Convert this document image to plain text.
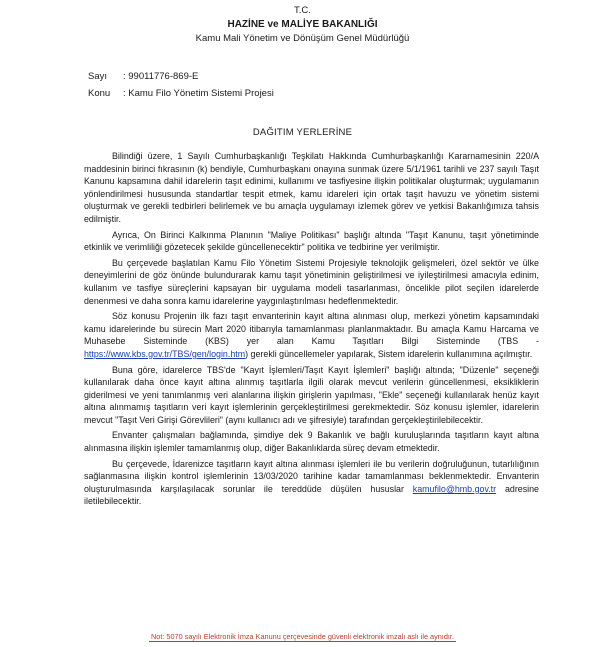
T.C.
HAZİNE ve MALİYE BAKANLIĞI
Kamu Mali Yönetim ve Dönüşüm Genel Müdürlüğü
Sayı	: 99011776-869-E
Konu	: Kamu Filo Yönetim Sistemi Projesi
DAĞITIM YERLERİNE

Bilindiği üzere, 1 Sayılı Cumhurbaşkanlığı Teşkilatı Hakkında Cumhurbaşkanlığı Kararnamesinin 220/A maddesinin birinci fıkrasının (k) bendiyle, Cumhurbaşkanı onayına sunmak üzere 5/1/1961 tarihli ve 237 sayılı Taşıt Kanunu kapsamına dahil idarelerin taşıt edinimi, kullanımı ve tasfiyesine ilişkin politikalar oluşturmak; uygulamanın yönlendirilmesi hususunda standartlar tespit etmek, kamu idareleri için ortak taşıt havuzu ve yönetim sistemi oluşturmak ve gerekli tedbirleri belirlemek ve bu amaçla uygulamayı izlemek görev ve yetkisi Bakanlığımıza tahsis edilmiştir.

Ayrıca, On Birinci Kalkınma Planının "Maliye Politikası" başlığı altında "Taşıt Kanunu, taşıt yönetiminde etkinlik ve verimliliği gözetecek şekilde güncellenecektir" politika ve tedbirine yer verilmiştir.

Bu çerçevede başlatılan Kamu Filo Yönetim Sistemi Projesiyle teknolojik gelişmeleri, özel sektör ve ülke deneyimlerini de göz önünde bulundurarak kamu taşıt yönetiminin geliştirilmesi ve iyileştirilmesi amacıyla edinim, kullanım ve tasfiye süreçlerini kapsayan bir uygulama modeli tasarlanması, öncelikle pilot seçilen idarelerde denenmesi ve daha sonra kamu idarelerine yaygınlaştırılması hedeflenmektedir.

Söz konusu Projenin ilk fazı taşıt envanterinin kayıt altına alınması olup, merkezi yönetim kapsamındaki kamu idarelerinde bu sürecin Mart 2020 itibarıyla tamamlanması planlanmaktadır. Bu amaçla Kamu Harcama ve Muhasebe Sisteminde (KBS) yer alan Kamu Taşıtları Bilgi Sisteminde (TBS - https://www.kbs.gov.tr/TBS/gen/login.htm) gerekli güncellemeler yapılarak, Sistem idarelerin kullanımına açılmıştır.

Buna göre, idarelerce TBS'de "Kayıt İşlemleri/Taşıt Kayıt İşlemleri" başlığı altında; "Düzenle" seçeneği kullanılarak daha önce kayıt altına alınmış taşıtlarla ilgili olarak mevcut verilerin güncellenmesi, eksikliklerin giderilmesi ve yeni tanımlanmış veri alanlarına ilişkin girişlerin yapılması, "Ekle" seçeneği kullanılarak henüz kayıt altına alınmamış taşıtların veri kayıt işlemlerinin gerçekleştirilmesi gerekmektedir. Söz konusu işlemler, idarelerin mevcut "Taşıt Veri Girişi Görevlileri" (aynı kullanıcı adı ve şifresiyle) tarafından gerçekleştirilebilecektir.

Envanter çalışmaları bağlamında, şimdiye dek 9 Bakanlık ve bağlı kuruluşlarında taşıtların kayıt altına alınmasına ilişkin işlemler tamamlanmış olup, diğer Bakanlıklarda süreç devam etmektedir.

Bu çerçevede, İdarenizce taşıtların kayıt altına alınması işlemleri ile bu verilerin doğruluğunun, tutarlılığının sağlanmasına ilişkin kontrol işlemlerinin 13/03/2020 tarihine kadar tamamlanması beklenmektedir. Envanterin oluşturulmasında karşılaşılacak sorunlar ile tereddüde düşülen hususlar kamufilo@hmb.gov.tr adresine iletilebilecektir.

Not: 5070 sayılı Elektronik İmza Kanunu çerçevesinde güvenli elektronik imzalı aslı ile aynıdır.
